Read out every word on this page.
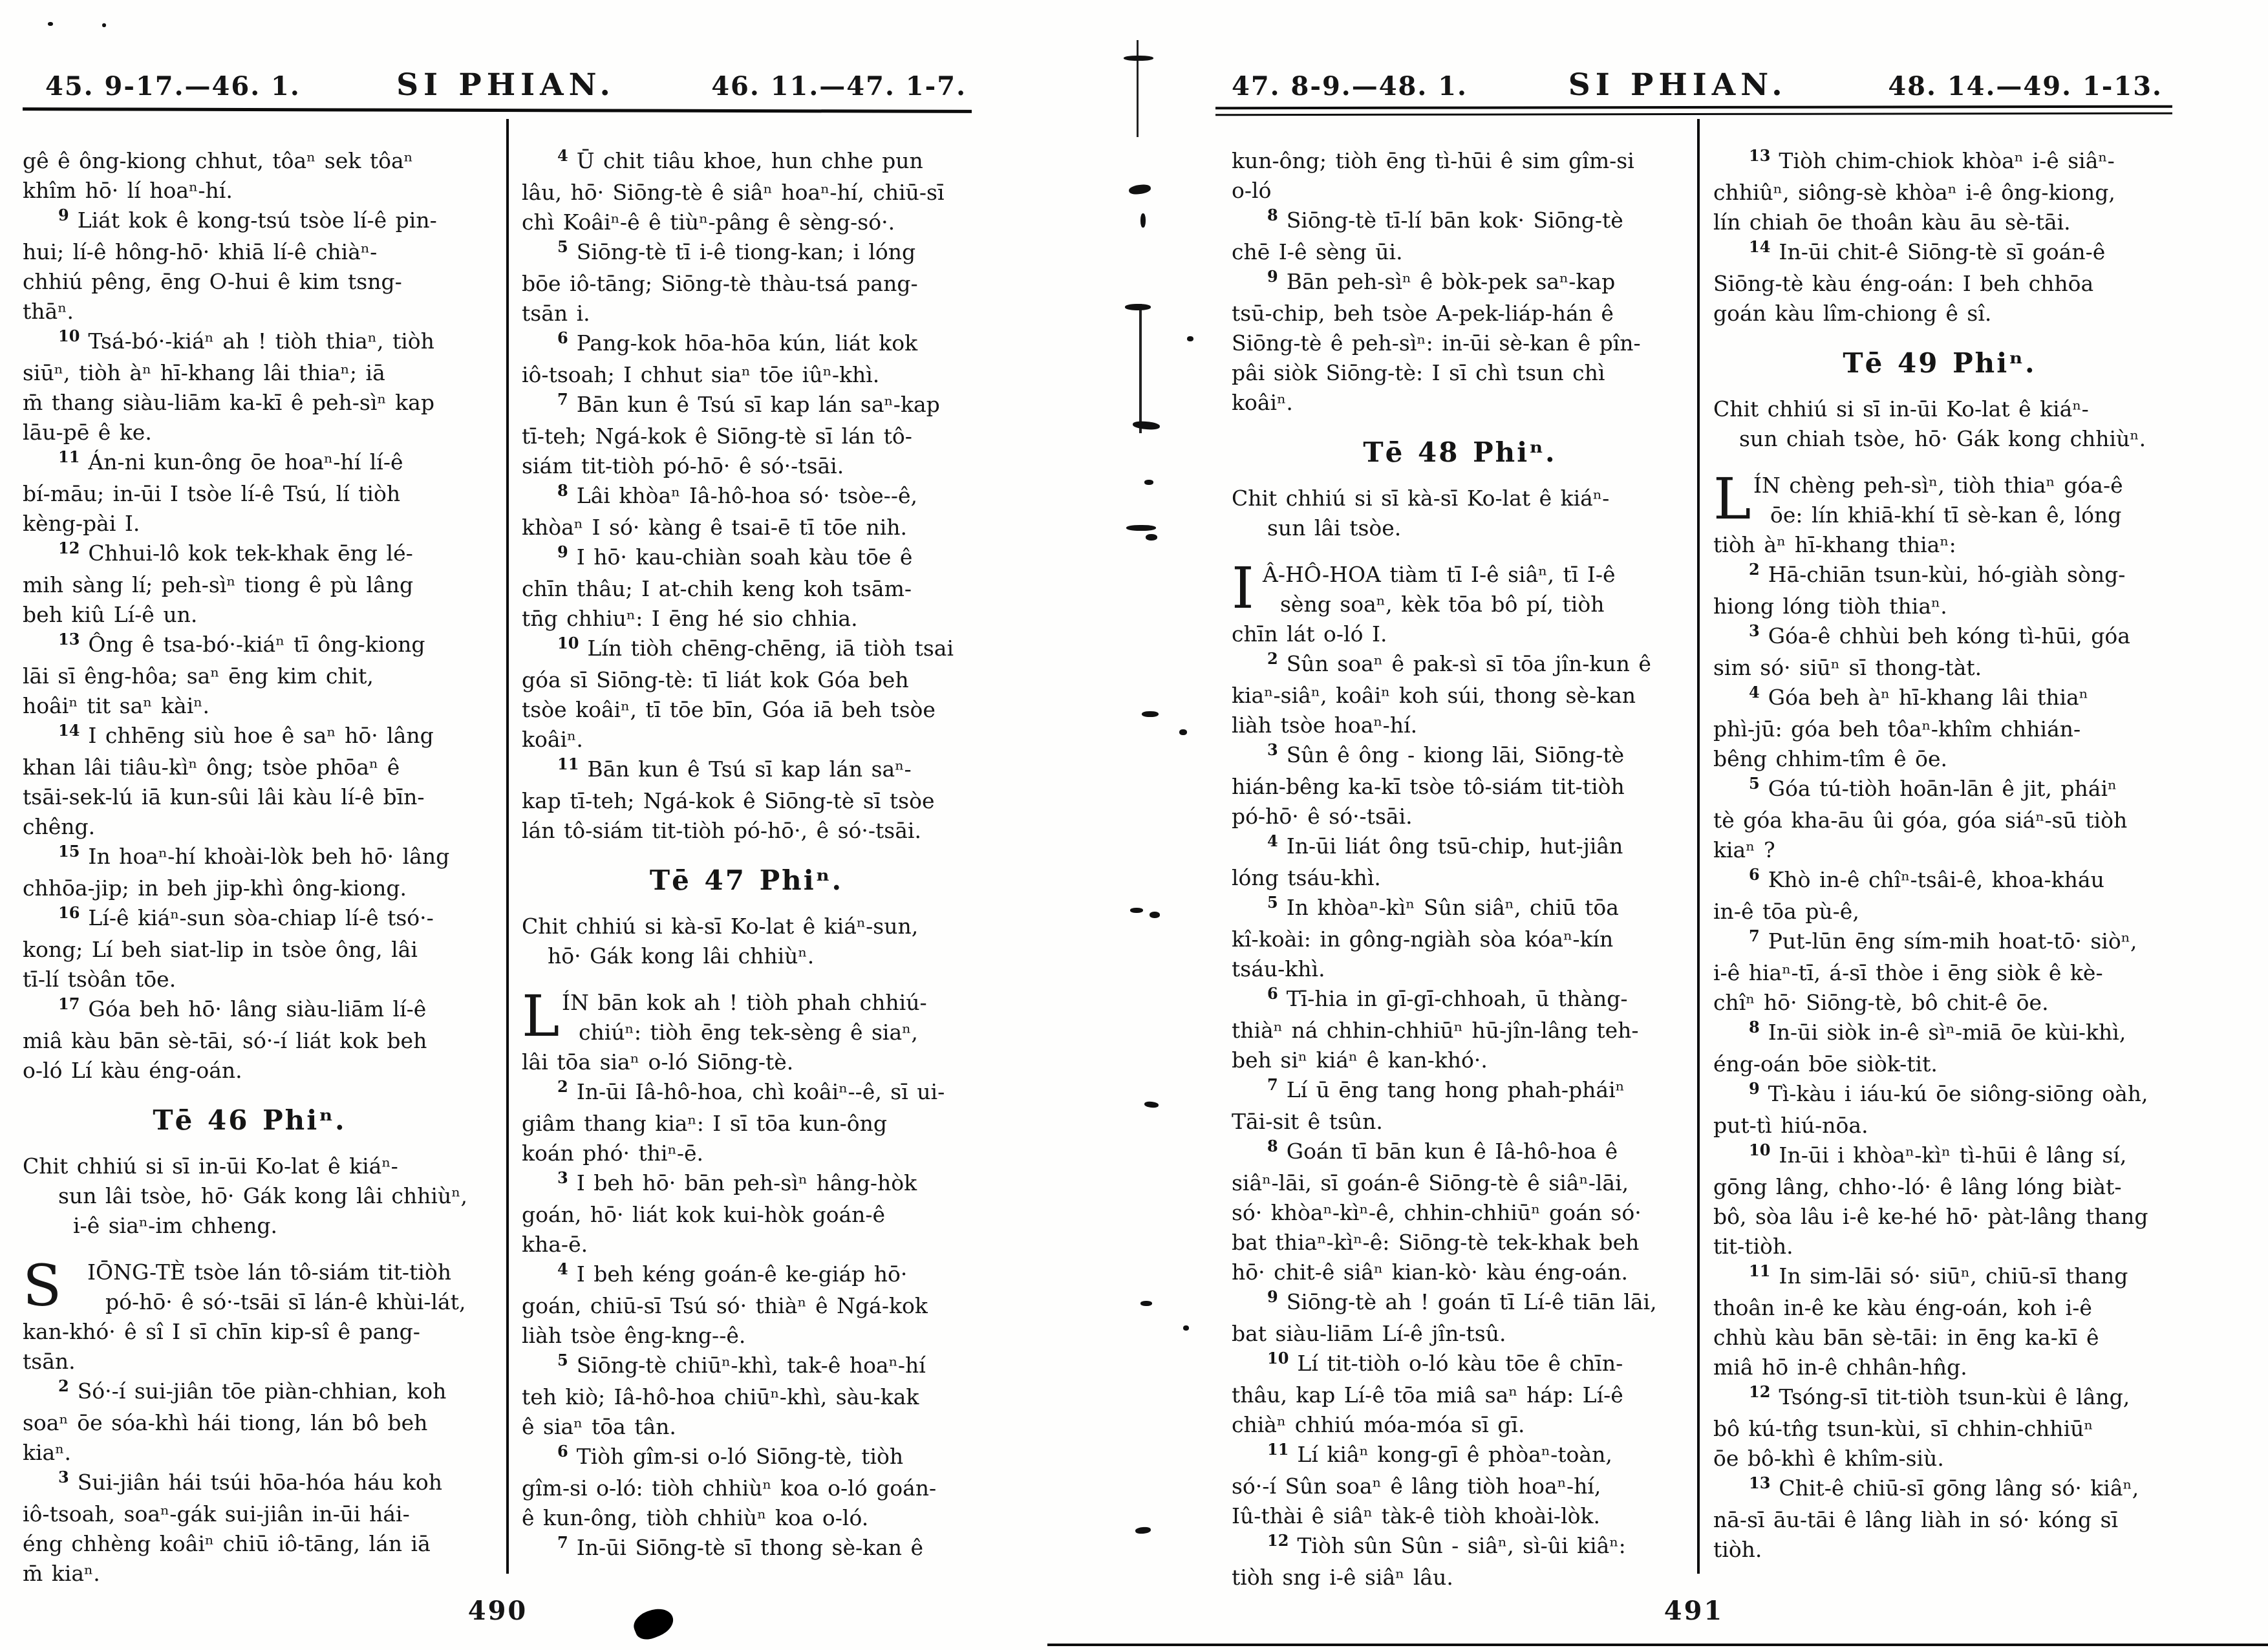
45. 9-17.—46. 1.	SI PHIAN.	46. 11.—47. 1-7.
gê ê ông-kiong chhut, tôaⁿ sek tôaⁿ
khîm hō· lí hoaⁿ-hí.
9 Liát kok ê kong-tsú tsòe lí-ê pin-
hui; lí-ê hông-hō· khiā lí-ê chiàⁿ-
chhiú pêng, ēng O-hui ê kim tsng-
thāⁿ.
10 Tsá-bó·-kiáⁿ ah ! tiòh thiaⁿ, tiòh
siūⁿ, tiòh àⁿ hī-khang lâi thiaⁿ; iā
m̄ thang siàu-liām ka-kī ê peh-sìⁿ kap
lāu-pē ê ke.
11 Án-ni kun-ông ōe hoaⁿ-hí lí-ê
bí-māu; in-ūi I tsòe lí-ê Tsú, lí tiòh
kèng-pài I.
12 Chhui-lô kok tek-khak ēng lé-
mih sàng lí; peh-sìⁿ tiong ê pù lâng
beh kiû Lí-ê un.
13 Ông ê tsa-bó·-kiáⁿ tī ông-kiong
lāi sī êng-hôa; saⁿ ēng kim chit,
hoâiⁿ tit saⁿ kàiⁿ.
14 I chhēng siù hoe ê saⁿ hō· lâng
khan lâi tiâu-kìⁿ ông; tsòe phōaⁿ ê
tsāi-sek-lú iā kun-sûi lâi kàu lí-ê bīn-
chêng.
15 In hoaⁿ-hí khoài-lòk beh hō· lâng
chhōa-jip; in beh jip-khì ông-kiong.
16 Lí-ê kiáⁿ-sun sòa-chiap lí-ê tsó·-
kong; Lí beh siat-lip in tsòe ông, lâi
tī-lí tsòân tōe.
17 Góa beh hō· lâng siàu-liām lí-ê
miâ kàu bān sè-tāi, só·-í liát kok beh
o-ló Lí kàu éng-oán.
Tē 46 Phiⁿ.
Chit chhiú si sī in-ūi Ko-lat ê kiáⁿ-
sun lâi tsòe, hō· Gák kong lâi chhiùⁿ,
i-ê siaⁿ-im chheng.
S IŌNG-TÈ tsòe lán tô-siám tit-tiòh
pó-hō· ê só·-tsāi sī lán-ê khùi-lát,
kan-khó· ê sî I sī chīn kip-sî ê pang-
tsān.
2 Só·-í sui-jiân tōe piàn-chhian, koh
soaⁿ ōe sóa-khì hái tiong, lán bô beh
kiaⁿ.
3 Sui-jiân hái tsúi hōa-hóa háu koh
iô-tsoah, soaⁿ-gák sui-jiân in-ūi hái-
éng chhèng koâiⁿ chiū iô-tāng, lán iā
m̄ kiaⁿ.
4 Ū chit tiâu khoe, hun chhe pun
lâu, hō· Siōng-tè ê siâⁿ hoaⁿ-hí, chiū-sī
chì Koâiⁿ-ê ê tiùⁿ-pâng ê sèng-só·.
5 Siōng-tè tī i-ê tiong-kan; i lóng
bōe iô-tāng; Siōng-tè thàu-tsá pang-
tsān i.
6 Pang-kok hōa-hōa kún, liát kok
iô-tsoah; I chhut siaⁿ tōe iûⁿ-khì.
7 Bān kun ê Tsú sī kap lán saⁿ-kap
tī-teh; Ngá-kok ê Siōng-tè sī lán tô-
siám tit-tiòh pó-hō· ê só·-tsāi.
8 Lâi khòaⁿ Iâ-hô-hoa só· tsòe--ê,
khòaⁿ I só· kàng ê tsai-ē tī tōe nih.
9 I hō· kau-chiàn soah kàu tōe ê
chīn thâu; I at-chih keng koh tsām-
tn̄g chhiuⁿ: I ēng hé sio chhia.
10 Lín tiòh chēng-chēng, iā tiòh tsai
góa sī Siōng-tè: tī liát kok Góa beh
tsòe koâiⁿ, tī tōe bīn, Góa iā beh tsòe
koâiⁿ.
11 Bān kun ê Tsú sī kap lán saⁿ-
kap tī-teh; Ngá-kok ê Siōng-tè sī tsòe
lán tô-siám tit-tiòh pó-hō·, ê só·-tsāi.
Tē 47 Phiⁿ.
Chit chhiú si kà-sī Ko-lat ê kiáⁿ-sun,
hō· Gák kong lâi chhiùⁿ.
L ÍN bān kok ah ! tiòh phah chhiú-
chiúⁿ: tiòh ēng tek-sèng ê siaⁿ,
lâi tōa siaⁿ o-ló Siōng-tè.
2 In-ūi Iâ-hô-hoa, chì koâiⁿ--ê, sī ui-
giâm thang kiaⁿ: I sī tōa kun-ông
koán phó· thiⁿ-ē.
3 I beh hō· bān peh-sìⁿ hâng-hòk
goán, hō· liát kok kui-hòk goán-ê
kha-ē.
4 I beh kéng goán-ê ke-giáp hō·
goán, chiū-sī Tsú só· thiàⁿ ê Ngá-kok
liàh tsòe êng-kng--ê.
5 Siōng-tè chiūⁿ-khì, tak-ê hoaⁿ-hí
teh kiò; Iâ-hô-hoa chiūⁿ-khì, sàu-kak
ê siaⁿ tōa tân.
6 Tiòh gîm-si o-ló Siōng-tè, tiòh
gîm-si o-ló: tiòh chhiùⁿ koa o-ló goán-
ê kun-ông, tiòh chhiùⁿ koa o-ló.
7 In-ūi Siōng-tè sī thong sè-kan ê
490
47. 8-9.—48. 1.	SI PHIAN.	48. 14.—49. 1-13.
kun-ông; tiòh ēng tì-hūi ê sim gîm-si
o-ló
8 Siōng-tè tī-lí bān kok· Siōng-tè
chē I-ê sèng ūi.
9 Bān peh-sìⁿ ê bòk-pek saⁿ-kap
tsū-chip, beh tsòe A-pek-liáp-hán ê
Siōng-tè ê peh-sìⁿ: in-ūi sè-kan ê pîn-
pâi siòk Siōng-tè: I sī chì tsun chì
koâiⁿ.
Tē 48 Phiⁿ.
Chit chhiú si sī kà-sī Ko-lat ê kiáⁿ-
sun lâi tsòe.
I Â-HÔ-HOA tiàm tī I-ê siâⁿ, tī I-ê
sèng soaⁿ, kèk tōa bô pí, tiòh
chīn lát o-ló I.
2 Sûn soaⁿ ê pak-sì sī tōa jîn-kun ê
kiaⁿ-siâⁿ, koâiⁿ koh súi, thong sè-kan
liàh tsòe hoaⁿ-hí.
3 Sûn ê ông - kiong lāi, Siōng-tè
hián-bêng ka-kī tsòe tô-siám tit-tiòh
pó-hō· ê só·-tsāi.
4 In-ūi liát ông tsū-chip, hut-jiân
lóng tsáu-khì.
5 In khòaⁿ-kìⁿ Sûn siâⁿ, chiū tōa
kî-koài: in gông-ngiàh sòa kóaⁿ-kín
tsáu-khì.
6 Tī-hia in gī-gī-chhoah, ū thàng-
thiàⁿ ná chhin-chhiūⁿ hū-jîn-lâng teh-
beh siⁿ kiáⁿ ê kan-khó·.
7 Lí ū ēng tang hong phah-pháiⁿ
Tāi-sit ê tsûn.
8 Goán tī bān kun ê Iâ-hô-hoa ê
siâⁿ-lāi, sī goán-ê Siōng-tè ê siâⁿ-lāi,
só· khòaⁿ-kìⁿ-ê, chhin-chhiūⁿ goán só·
bat thiaⁿ-kìⁿ-ê: Siōng-tè tek-khak beh
hō· chit-ê siâⁿ kian-kò· kàu éng-oán.
9 Siōng-tè ah ! goán tī Lí-ê tiān lāi,
bat siàu-liām Lí-ê jîn-tsû.
10 Lí tit-tiòh o-ló kàu tōe ê chīn-
thâu, kap Lí-ê tōa miâ saⁿ háp: Lí-ê
chiàⁿ chhiú móa-móa sī gī.
11 Lí kiâⁿ kong-gī ê phòaⁿ-toàn,
só·-í Sûn soaⁿ ê lâng tiòh hoaⁿ-hí,
Iû-thài ê siâⁿ tàk-ê tiòh khoài-lòk.
12 Tiòh sûn Sûn - siâⁿ, sì-ûi kiâⁿ:
tiòh sng i-ê siâⁿ lâu.
13 Tiòh chim-chiok khòaⁿ i-ê siâⁿ-
chhiûⁿ, siông-sè khòaⁿ i-ê ông-kiong,
lín chiah ōe thoân kàu āu sè-tāi.
14 In-ūi chit-ê Siōng-tè sī goán-ê
Siōng-tè kàu éng-oán: I beh chhōa
goán kàu lîm-chiong ê sî.
Tē 49 Phiⁿ.
Chit chhiú si sī in-ūi Ko-lat ê kiáⁿ-
sun chiah tsòe, hō· Gák kong chhiùⁿ.
L ÍN chèng peh-sìⁿ, tiòh thiaⁿ góa-ê
ōe: lín khiā-khí tī sè-kan ê, lóng
tiòh àⁿ hī-khang thiaⁿ:
2 Hā-chiān tsun-kùi, hó-giàh sòng-
hiong lóng tiòh thiaⁿ.
3 Góa-ê chhùi beh kóng tì-hūi, góa
sim só· siūⁿ sī thong-tàt.
4 Góa beh àⁿ hī-khang lâi thiaⁿ
phì-jū: góa beh tôaⁿ-khîm chhián-
bêng chhim-tîm ê ōe.
5 Góa tú-tiòh hoān-lān ê jit, pháiⁿ
tè góa kha-āu ûi góa, góa siáⁿ-sū tiòh
kiaⁿ ?
6 Khò in-ê chîⁿ-tsâi-ê, khoa-kháu
in-ê tōa pù-ê,
7 Put-lūn ēng sím-mih hoat-tō· siòⁿ,
i-ê hiaⁿ-tī, á-sī thòe i ēng siòk ê kè-
chîⁿ hō· Siōng-tè, bô chit-ê ōe.
8 In-ūi siòk in-ê sìⁿ-miā ōe kùi-khì,
éng-oán bōe siòk-tit.
9 Tì-kàu i iáu-kú ōe siông-siōng oàh,
put-tì hiú-nōa.
10 In-ūi i khòaⁿ-kìⁿ tì-hūi ê lâng sí,
gōng lâng, chho·-ló· ê lâng lóng biàt-
bô, sòa lâu i-ê ke-hé hō· pàt-lâng thang
tit-tiòh.
11 In sim-lāi só· siūⁿ, chiū-sī thang
thoân in-ê ke kàu éng-oán, koh i-ê
chhù kàu bān sè-tāi: in ēng ka-kī ê
miâ hō in-ê chhân-hn̂g.
12 Tsóng-sī tit-tiòh tsun-kùi ê lâng,
bô kú-tn̂g tsun-kùi, sī chhin-chhiūⁿ
ōe bô-khì ê khîm-siù.
13 Chit-ê chiū-sī gōng lâng só· kiâⁿ,
nā-sī āu-tāi ê lâng liàh in só· kóng sī
tiòh.
491
